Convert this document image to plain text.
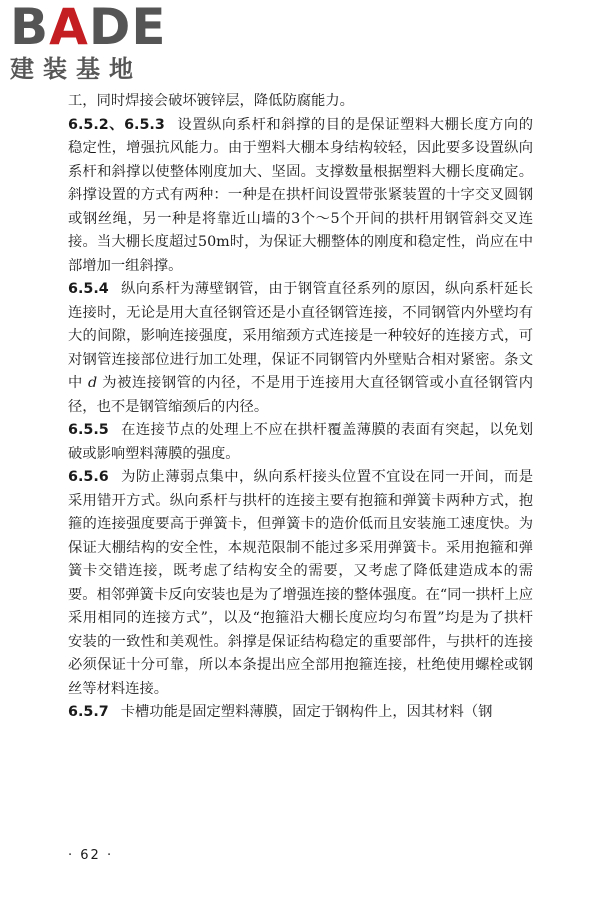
BADE
建装基地

工，同时焊接会破坏镀锌层，降低防腐能力。

6.5.2、6.5.3 设置纵向系杆和斜撑的目的是保证塑料大棚长度方向的稳定性，增强抗风能力。由于塑料大棚本身结构较轻，因此要多设置纵向系杆和斜撑以使整体刚度加大、坚固。支撑数量根据塑料大棚长度确定。斜撑设置的方式有两种：一种是在拱杆间设置带张紧装置的十字交叉圆钢或钢丝绳，另一种是将靠近山墙的3个～5个开间的拱杆用钢管斜交叉连接。当大棚长度超过50m时，为保证大棚整体的刚度和稳定性，尚应在中部增加一组斜撑。

6.5.4 纵向系杆为薄壁钢管，由于钢管直径系列的原因，纵向系杆延长连接时，无论是用大直径钢管还是小直径钢管连接，不同钢管内外壁均有大的间隙，影响连接强度，采用缩颈方式连接是一种较好的连接方式，可对钢管连接部位进行加工处理，保证不同钢管内外壁贴合相对紧密。条文中 d 为被连接钢管的内径，不是用于连接用大直径钢管或小直径钢管内径，也不是钢管缩颈后的内径。

6.5.5 在连接节点的处理上不应在拱杆覆盖薄膜的表面有突起，以免划破或影响塑料薄膜的强度。

6.5.6 为防止薄弱点集中，纵向系杆接头位置不宜设在同一开间，而是采用错开方式。纵向系杆与拱杆的连接主要有抱箍和弹簧卡两种方式，抱箍的连接强度要高于弹簧卡，但弹簧卡的造价低而且安装施工速度快。为保证大棚结构的安全性，本规范限制不能过多采用弹簧卡。采用抱箍和弹簧卡交错连接，既考虑了结构安全的需要，又考虑了降低建造成本的需要。相邻弹簧卡反向安装也是为了增强连接的整体强度。在“同一拱杆上应采用相同的连接方式”，以及“抱箍沿大棚长度应均匀布置”均是为了拱杆安装的一致性和美观性。斜撑是保证结构稳定的重要部件，与拱杆的连接必须保证十分可靠，所以本条提出应全部用抱箍连接，杜绝使用螺栓或钢丝等材料连接。

6.5.7 卡槽功能是固定塑料薄膜，固定于钢构件上，因其材料（钢

· 62 ·
